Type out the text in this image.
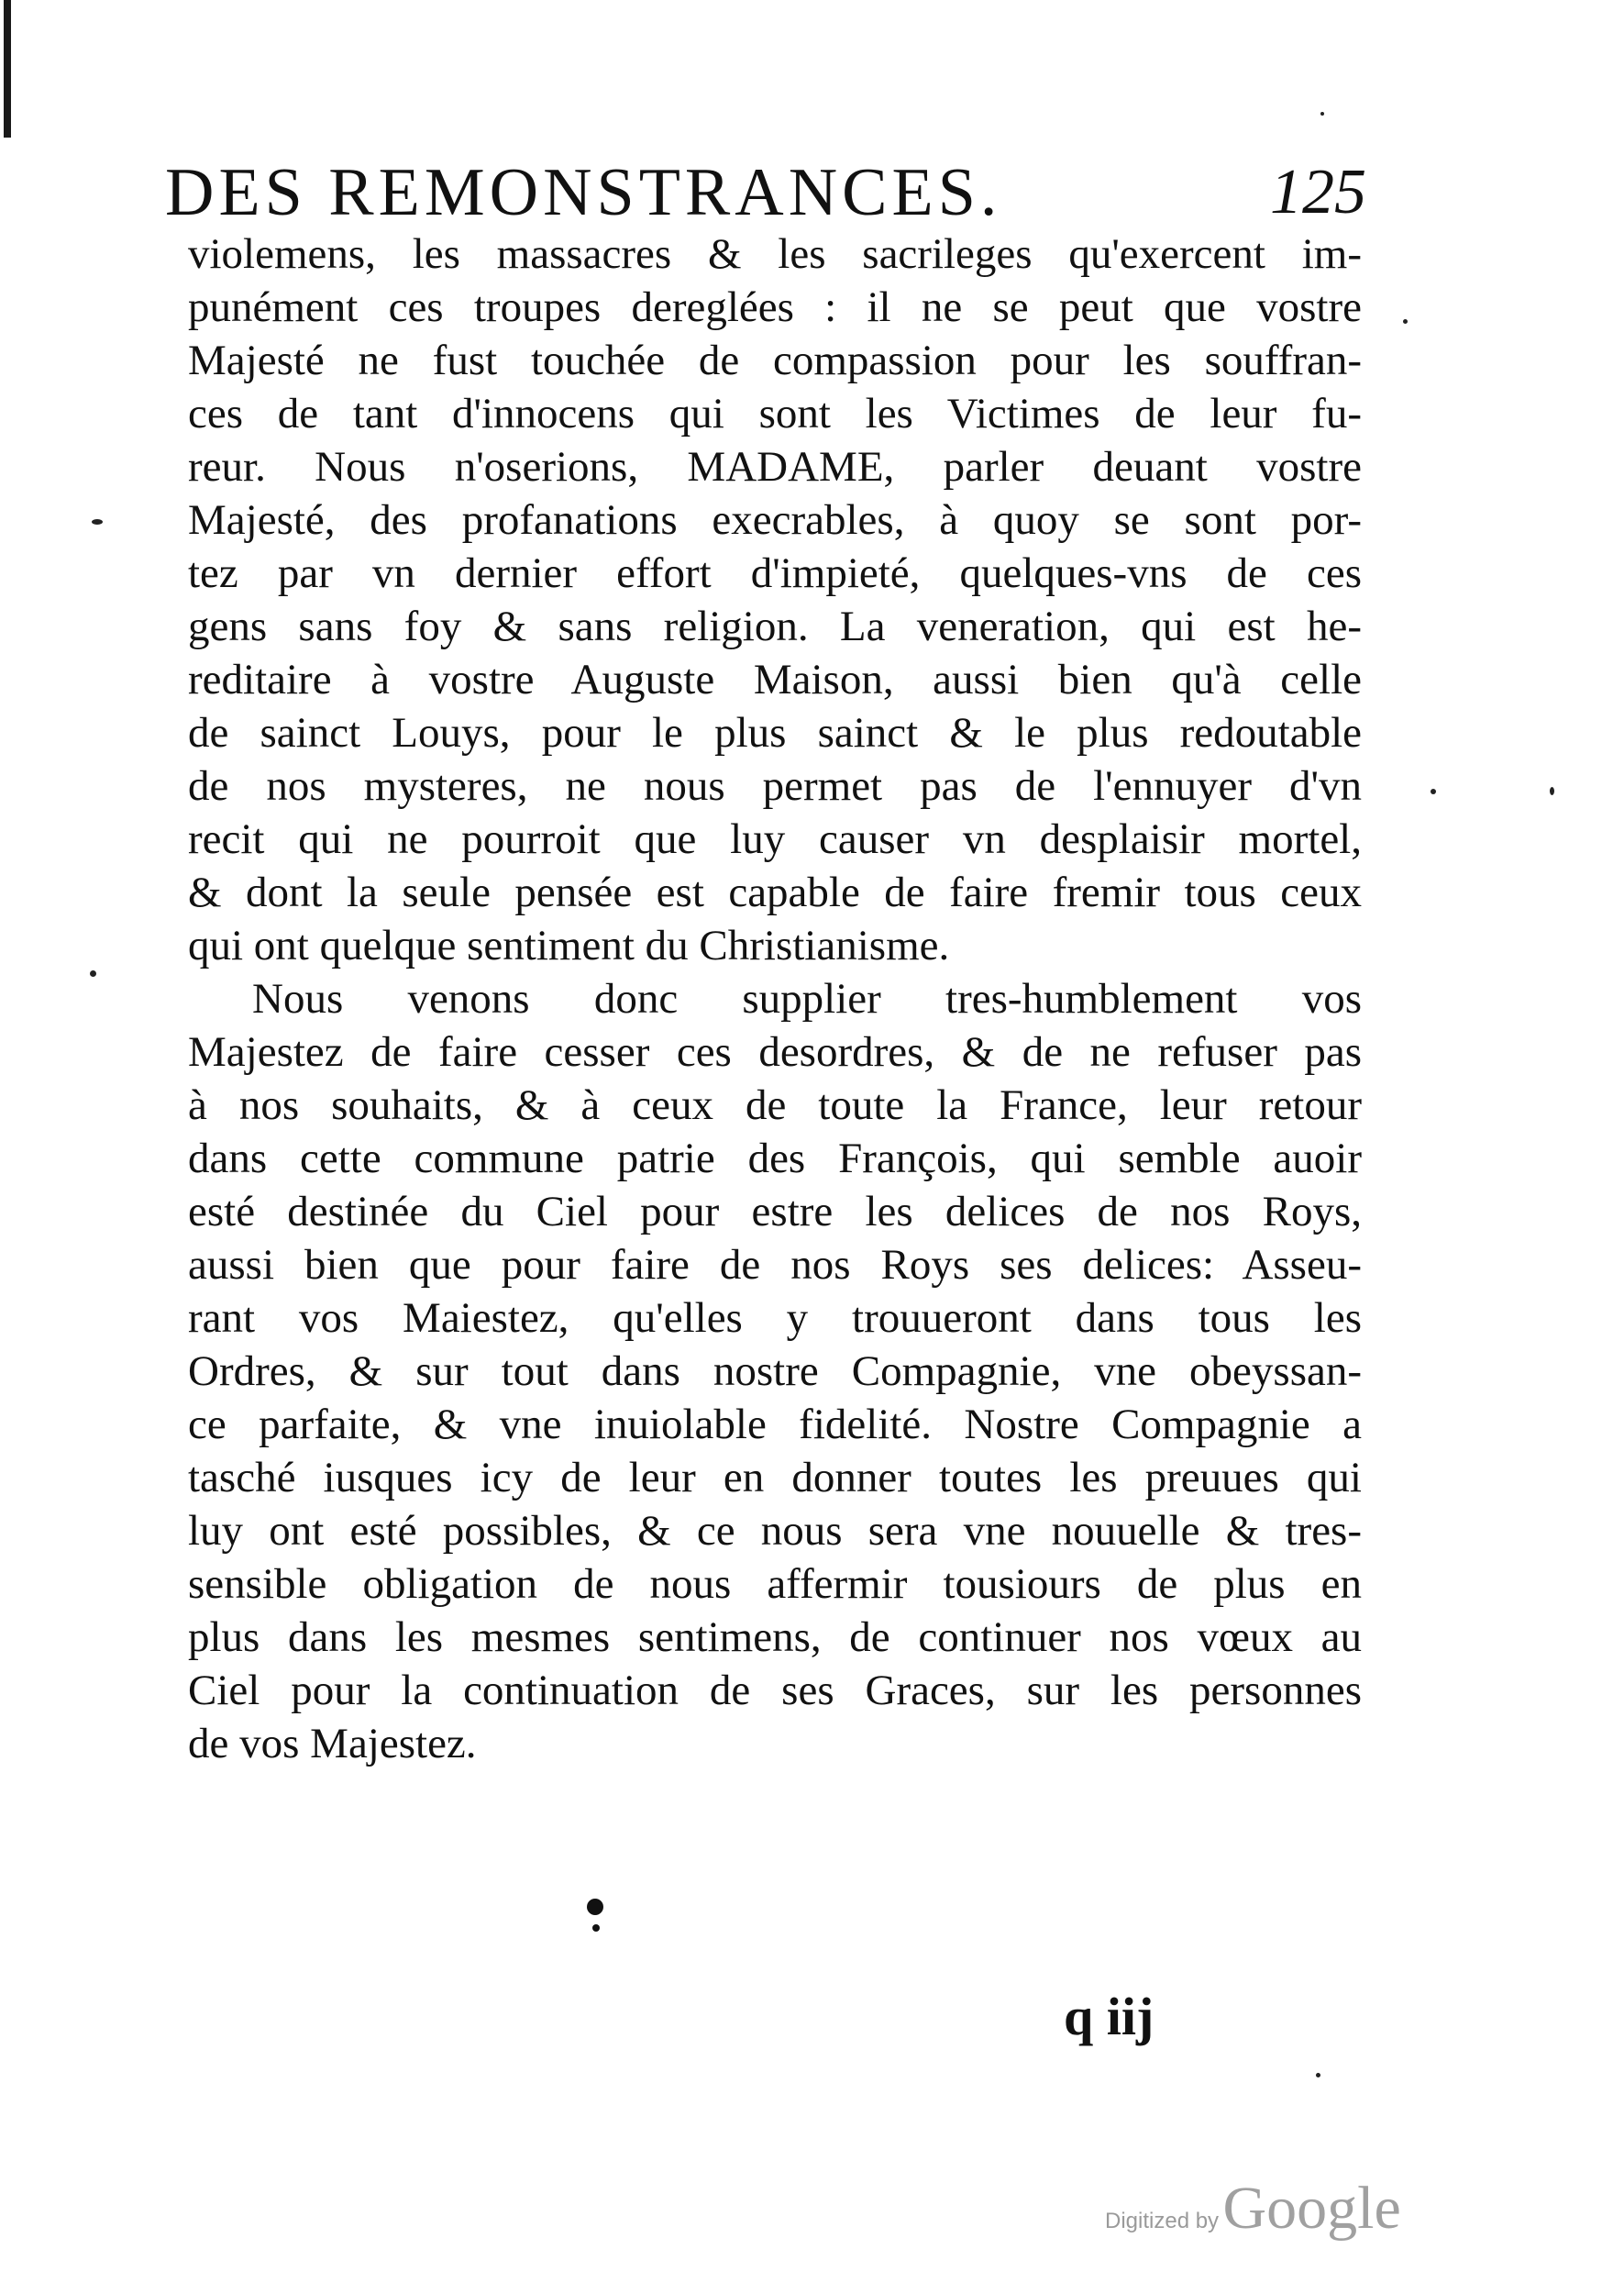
DES REMONSTRANCES.	125
violemens, les massacres & les sacrileges qu'exercent im-
punément ces troupes dereglées : il ne se peut que vostre
Majesté ne fust touchée de compassion pour les souffran-
ces de tant d'innocens qui sont les Victimes de leur fu-
reur. Nous n'oserions, MADAME, parler deuant vostre
Majesté, des profanations execrables, à quoy se sont por-
tez par vn dernier effort d'impieté, quelques-vns de ces
gens sans foy & sans religion. La veneration, qui est he-
reditaire à vostre Auguste Maison, aussi bien qu'à celle
de sainct Louys, pour le plus sainct & le plus redoutable
de nos mysteres, ne nous permet pas de l'ennuyer d'vn
recit qui ne pourroit que luy causer vn desplaisir mortel,
& dont la seule pensée est capable de faire fremir tous ceux
qui ont quelque sentiment du Christianisme.
Nous venons donc supplier tres-humblement vos
Majestez de faire cesser ces desordres, & de ne refuser pas
à nos souhaits, & à ceux de toute la France, leur retour
dans cette commune patrie des François, qui semble auoir
esté destinée du Ciel pour estre les delices de nos Roys,
aussi bien que pour faire de nos Roys ses delices: Asseu-
rant vos Maiestez, qu'elles y trouueront dans tous les
Ordres, & sur tout dans nostre Compagnie, vne obeyssan-
ce parfaite, & vne inuiolable fidelité. Nostre Compagnie a
tasché iusques icy de leur en donner toutes les preuues qui
luy ont esté possibles, & ce nous sera vne nouuelle & tres-
sensible obligation de nous affermir tousiours de plus en
plus dans les mesmes sentimens, de continuer nos vœux au
Ciel pour la continuation de ses Graces, sur les personnes
de vos Majestez.
q iij
Digitized by Google
